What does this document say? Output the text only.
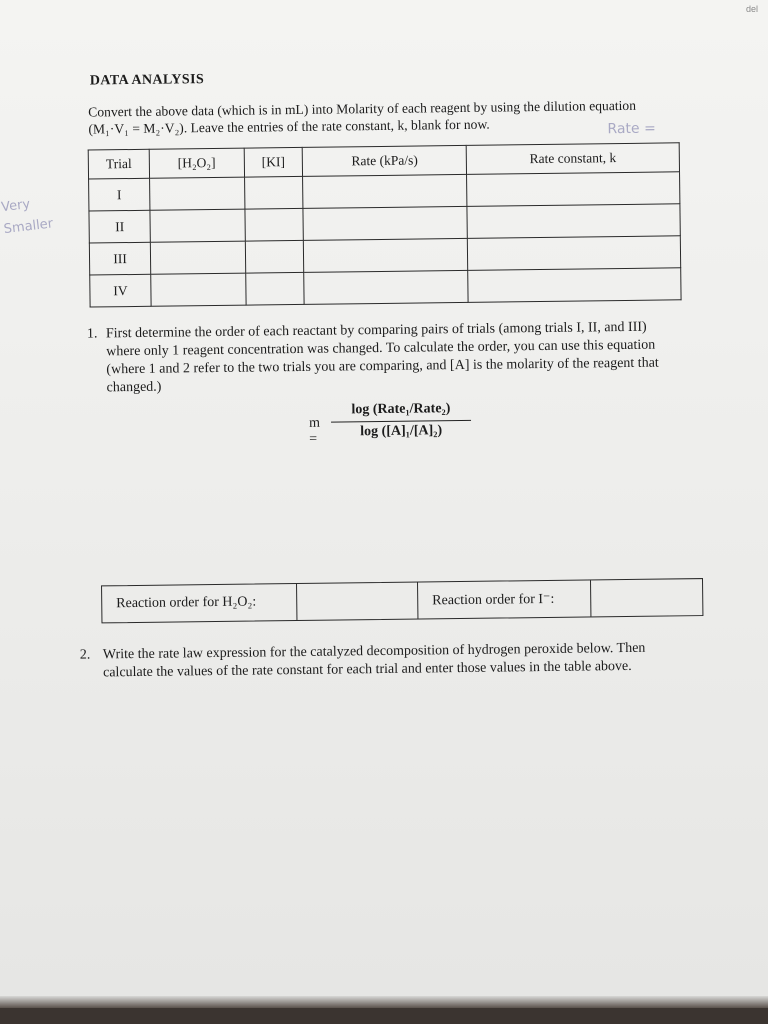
del
DATA ANALYSIS
Convert the above data (which is in mL) into Molarity of each reagent by using the dilution equation (M₁·V₁ = M₂·V₂). Leave the entries of the rate constant, k, blank for now.	Rate =
Very
Smaller
Trial	[H₂O₂]	[KI]	Rate (kPa/s)	Rate constant, k
I				
II				
III				
IV				
1. First determine the order of each reactant by comparing pairs of trials (among trials I, II, and III) where only 1 reagent concentration was changed. To calculate the order, you can use this equation (where 1 and 2 refer to the two trials you are comparing, and [A] is the molarity of the reagent that changed.)
m =
log (Rate₁/Rate₂)
log ([A]₁/[A]₂)
Reaction order for H₂O₂:	Reaction order for I⁻:
2. Write the rate law expression for the catalyzed decomposition of hydrogen peroxide below. Then calculate the values of the rate constant for each trial and enter those values in the table above.
